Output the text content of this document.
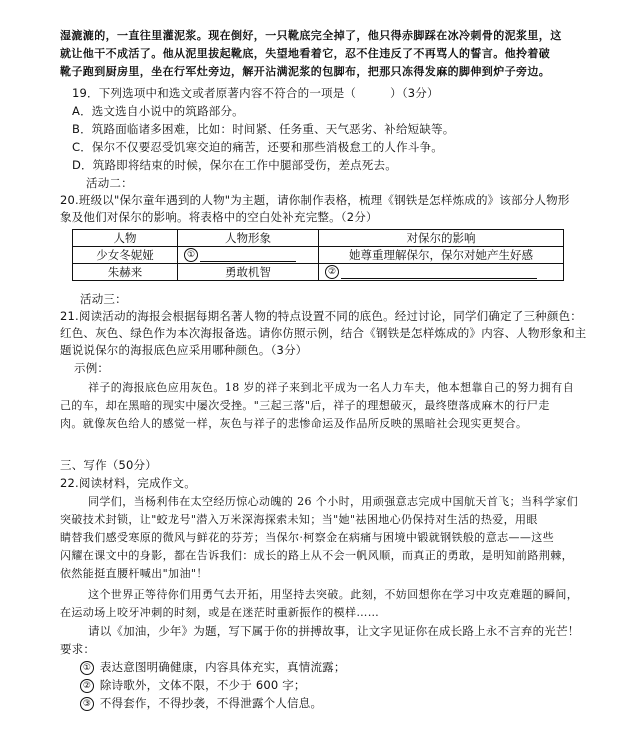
湿漉漉的，一直往里灌泥浆。现在倒好，一只靴底完全掉了，他只得赤脚踩在冰冷刺骨的泥浆里，这
就让他干不成活了。他从泥里拔起靴底，失望地看着它，忍不住违反了不再骂人的誓言。他拎着破
靴子跑到厨房里，坐在行军灶旁边，解开沾满泥浆的包脚布，把那只冻得发麻的脚伸到炉子旁边。
19．下列选项中和选文或者原著内容不符合的一项是（	）（3分）
A．选文选自小说中的筑路部分。
B．筑路面临诸多困难，比如：时间紧、任务重、天气恶劣、补给短缺等。
C．保尔不仅要忍受饥寒交迫的痛苦，还要和那些消极怠工的人作斗争。
D．筑路即将结束的时候，保尔在工作中腿部受伤，差点死去。
活动二：
20.班级以"保尔童年遇到的人物"为主题，请你制作表格，梳理《钢铁是怎样炼成的》该部分人物形
象及他们对保尔的影响。将表格中的空白处补充完整。（2分）
人物	人物形象	对保尔的影响
少女冬妮娅	①	她尊重理解保尔，保尔对她产生好感
朱赫来	勇敢机智	②
活动三：
21.阅读活动的海报会根据每期名著人物的特点设置不同的底色。经过讨论，同学们确定了三种颜色：
红色、灰色、绿色作为本次海报备选。请你仿照示例，结合《钢铁是怎样炼成的》内容、人物形象和主
题说说保尔的海报底色应采用哪种颜色。（3分）
示例：
祥子的海报底色应用灰色。18 岁的祥子来到北平成为一名人力车夫，他本想靠自己的努力拥有自
己的车，却在黑暗的现实中屡次受挫。"三起三落"后，祥子的理想破灭，最终堕落成麻木的行尸走
肉。就像灰色给人的感觉一样，灰色与祥子的悲惨命运及作品所反映的黑暗社会现实更契合。
三、写作（50分）
22.阅读材料，完成作文。
同学们，当杨利伟在太空经历惊心动魄的 26 个小时，用顽强意志完成中国航天首飞；当科学家们
突破技术封锁，让"蛟龙号"潜入万米深海探索未知；当"她"祛困地心仍保持对生活的热爱，用眼
睛替我们感受寒原的微风与鲜花的芬芳；当保尔·柯察金在病痛与困境中锻就钢铁般的意志——这些
闪耀在课文中的身影，都在告诉我们：成长的路上从不会一帆风顺，而真正的勇敢，是明知前路荆棘，
依然能挺直腰杆喊出"加油"！
这个世界正等待你们用勇气去开拓，用坚持去突破。此刻，不妨回想你在学习中攻克难题的瞬间，
在运动场上咬牙冲刺的时刻，或是在迷茫时重新振作的模样……
请以《加油，少年》为题，写下属于你的拼搏故事，让文字见证你在成长路上永不言弃的光芒！
要求：
① 表达意图明确健康，内容具体充实，真情流露；
② 除诗歌外，文体不限，不少于 600 字；
③ 不得套作，不得抄袭，不得泄露个人信息。
